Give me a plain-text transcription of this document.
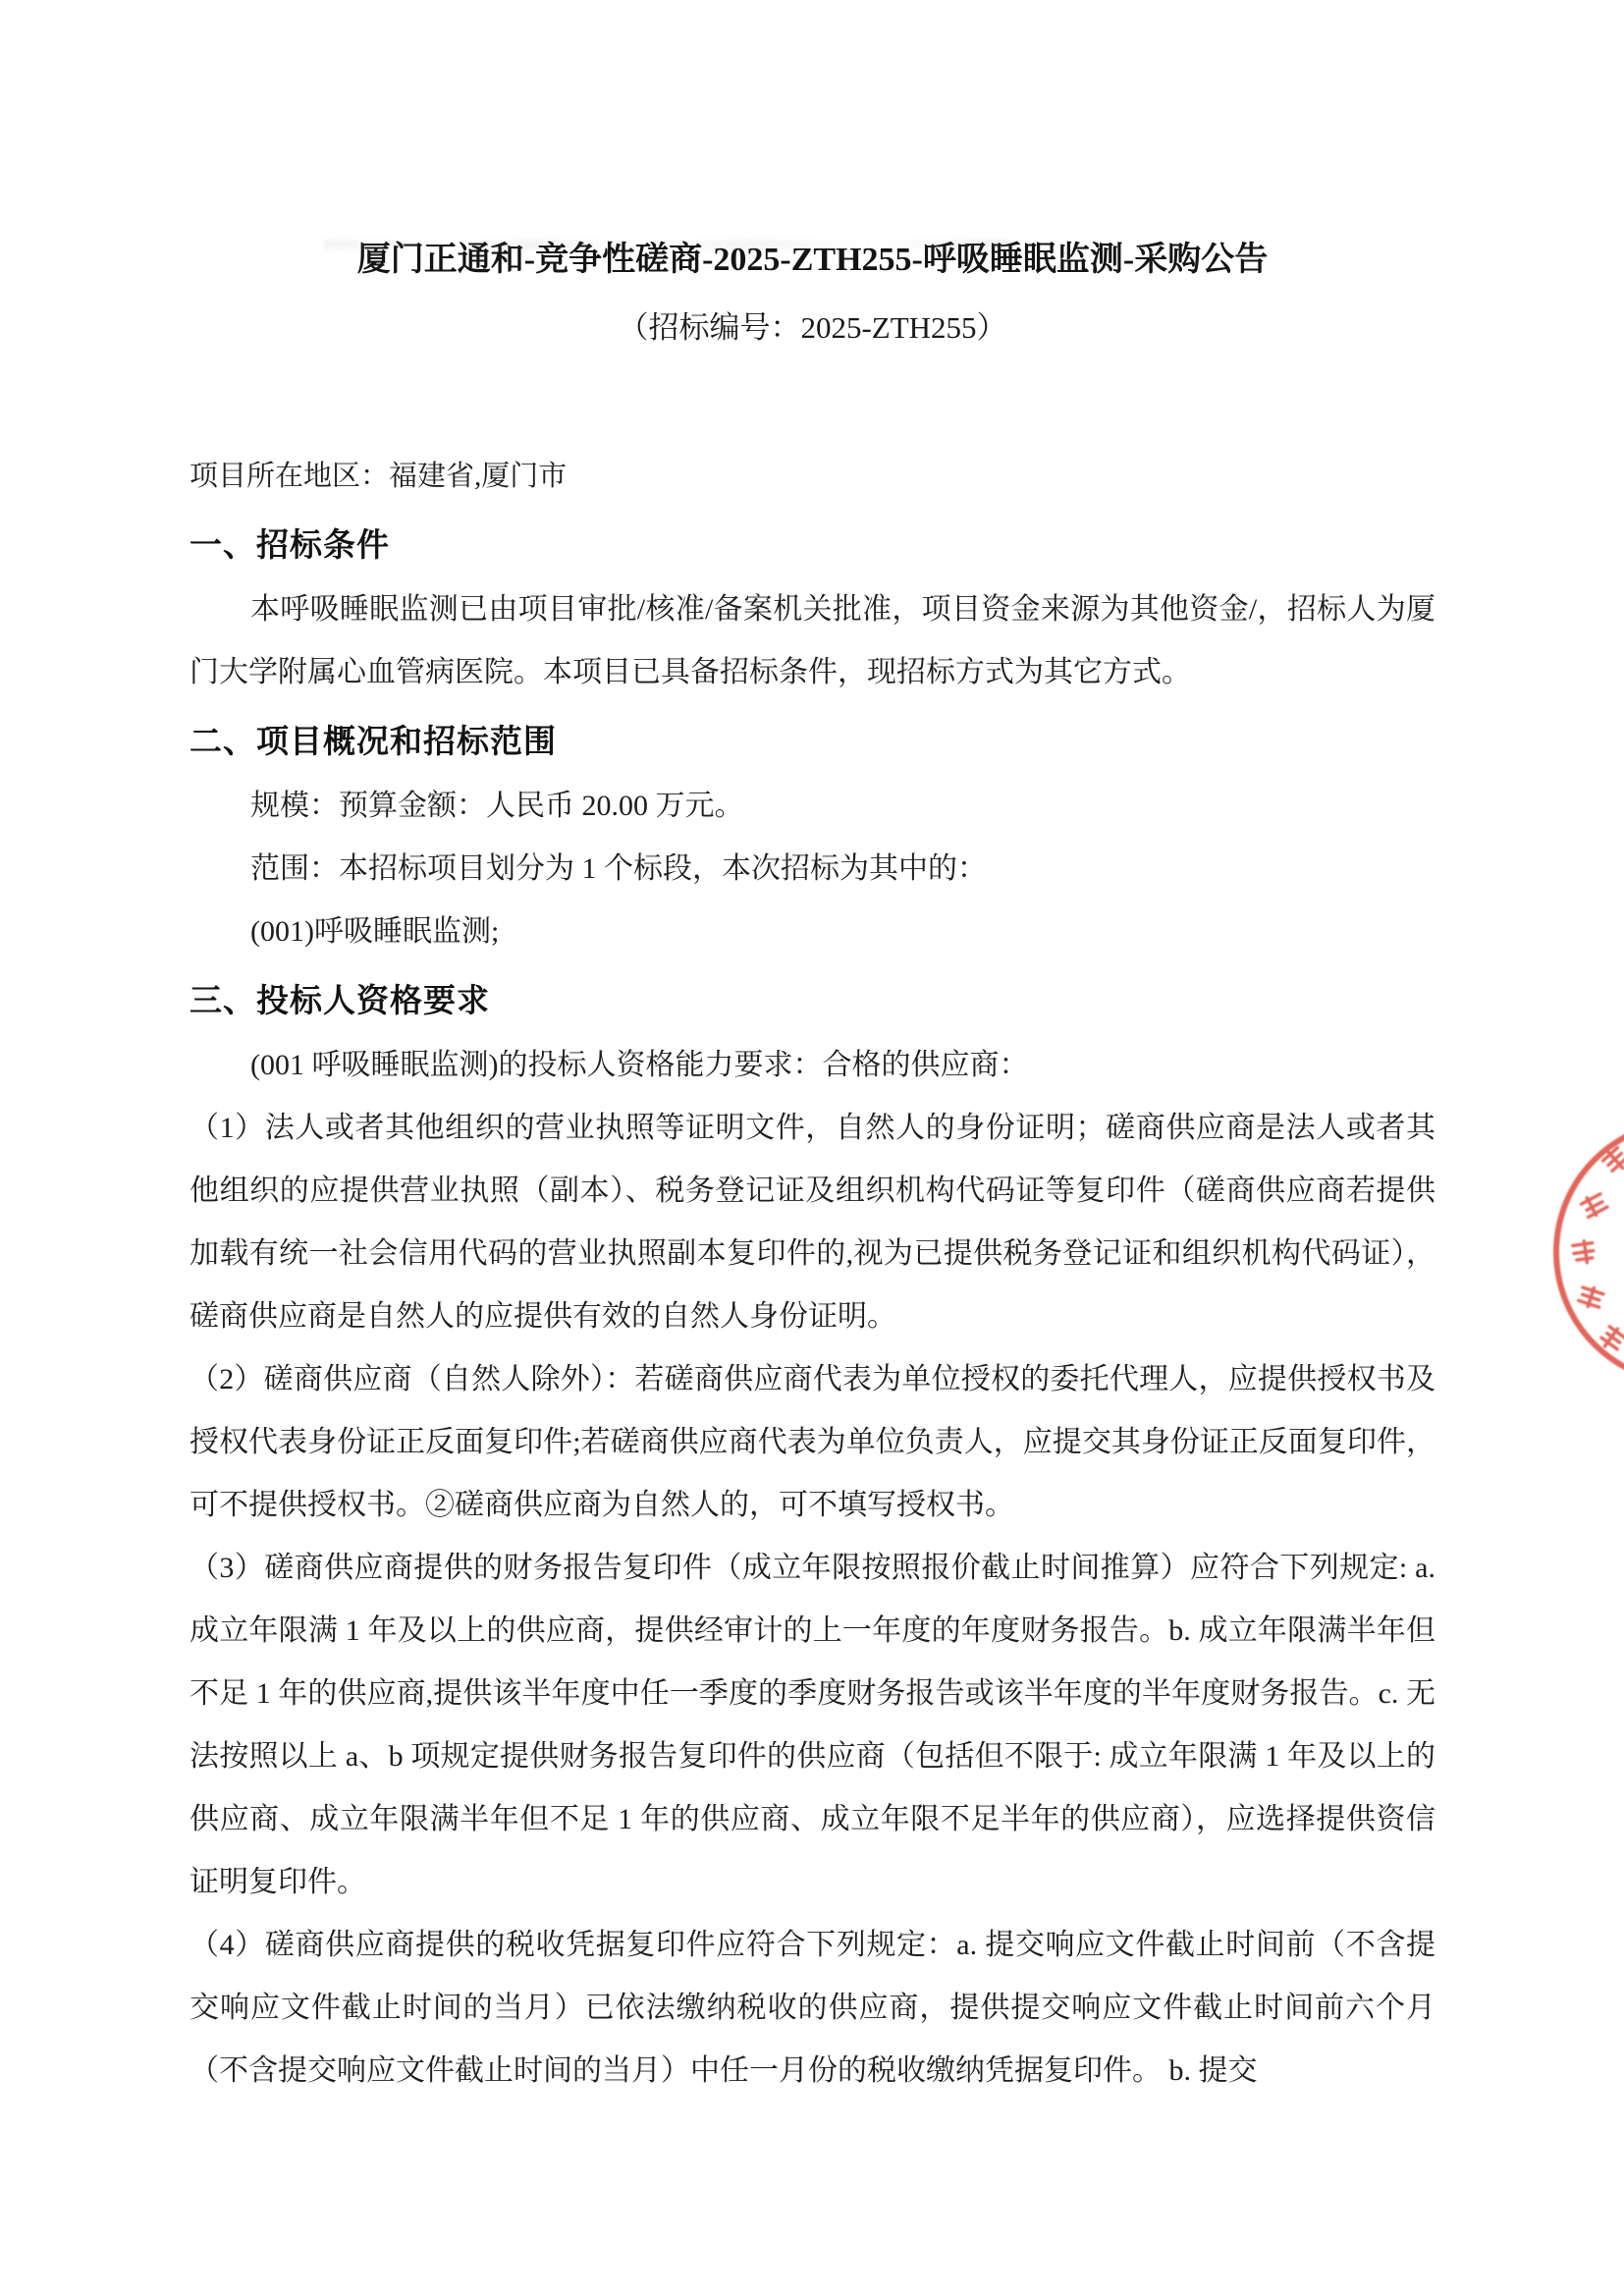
厦门正通和-竞争性磋商-2025-ZTH255-呼吸睡眠监测-采购公告

（招标编号：2025-ZTH255）

项目所在地区：福建省,厦门市

一、招标条件

本呼吸睡眠监测已由项目审批/核准/备案机关批准，项目资金来源为其他资金/，招标人为厦门大学附属心血管病医院。本项目已具备招标条件，现招标方式为其它方式。

二、项目概况和招标范围

规模：预算金额：人民币 20.00 万元。

范围：本招标项目划分为 1 个标段，本次招标为其中的：

(001)呼吸睡眠监测;

三、投标人资格要求

(001 呼吸睡眠监测)的投标人资格能力要求：合格的供应商：

（1）法人或者其他组织的营业执照等证明文件，自然人的身份证明；磋商供应商是法人或者其他组织的应提供营业执照（副本）、税务登记证及组织机构代码证等复印件（磋商供应商若提供加载有统一社会信用代码的营业执照副本复印件的,视为已提供税务登记证和组织机构代码证），磋商供应商是自然人的应提供有效的自然人身份证明。

（2）磋商供应商（自然人除外）：若磋商供应商代表为单位授权的委托代理人，应提供授权书及授权代表身份证正反面复印件;若磋商供应商代表为单位负责人，应提交其身份证正反面复印件，可不提供授权书。②磋商供应商为自然人的，可不填写授权书。

（3）磋商供应商提供的财务报告复印件（成立年限按照报价截止时间推算）应符合下列规定: a. 成立年限满 1 年及以上的供应商，提供经审计的上一年度的年度财务报告。b. 成立年限满半年但不足 1 年的供应商,提供该半年度中任一季度的季度财务报告或该半年度的半年度财务报告。c. 无法按照以上 a、b 项规定提供财务报告复印件的供应商（包括但不限于: 成立年限满 1 年及以上的供应商、成立年限满半年但不足 1 年的供应商、成立年限不足半年的供应商），应选择提供资信证明复印件。

（4）磋商供应商提供的税收凭据复印件应符合下列规定：a. 提交响应文件截止时间前（不含提交响应文件截止时间的当月）已依法缴纳税收的供应商，提供提交响应文件截止时间前六个月（不含提交响应文件截止时间的当月）中任一月份的税收缴纳凭据复印件。 b. 提交
